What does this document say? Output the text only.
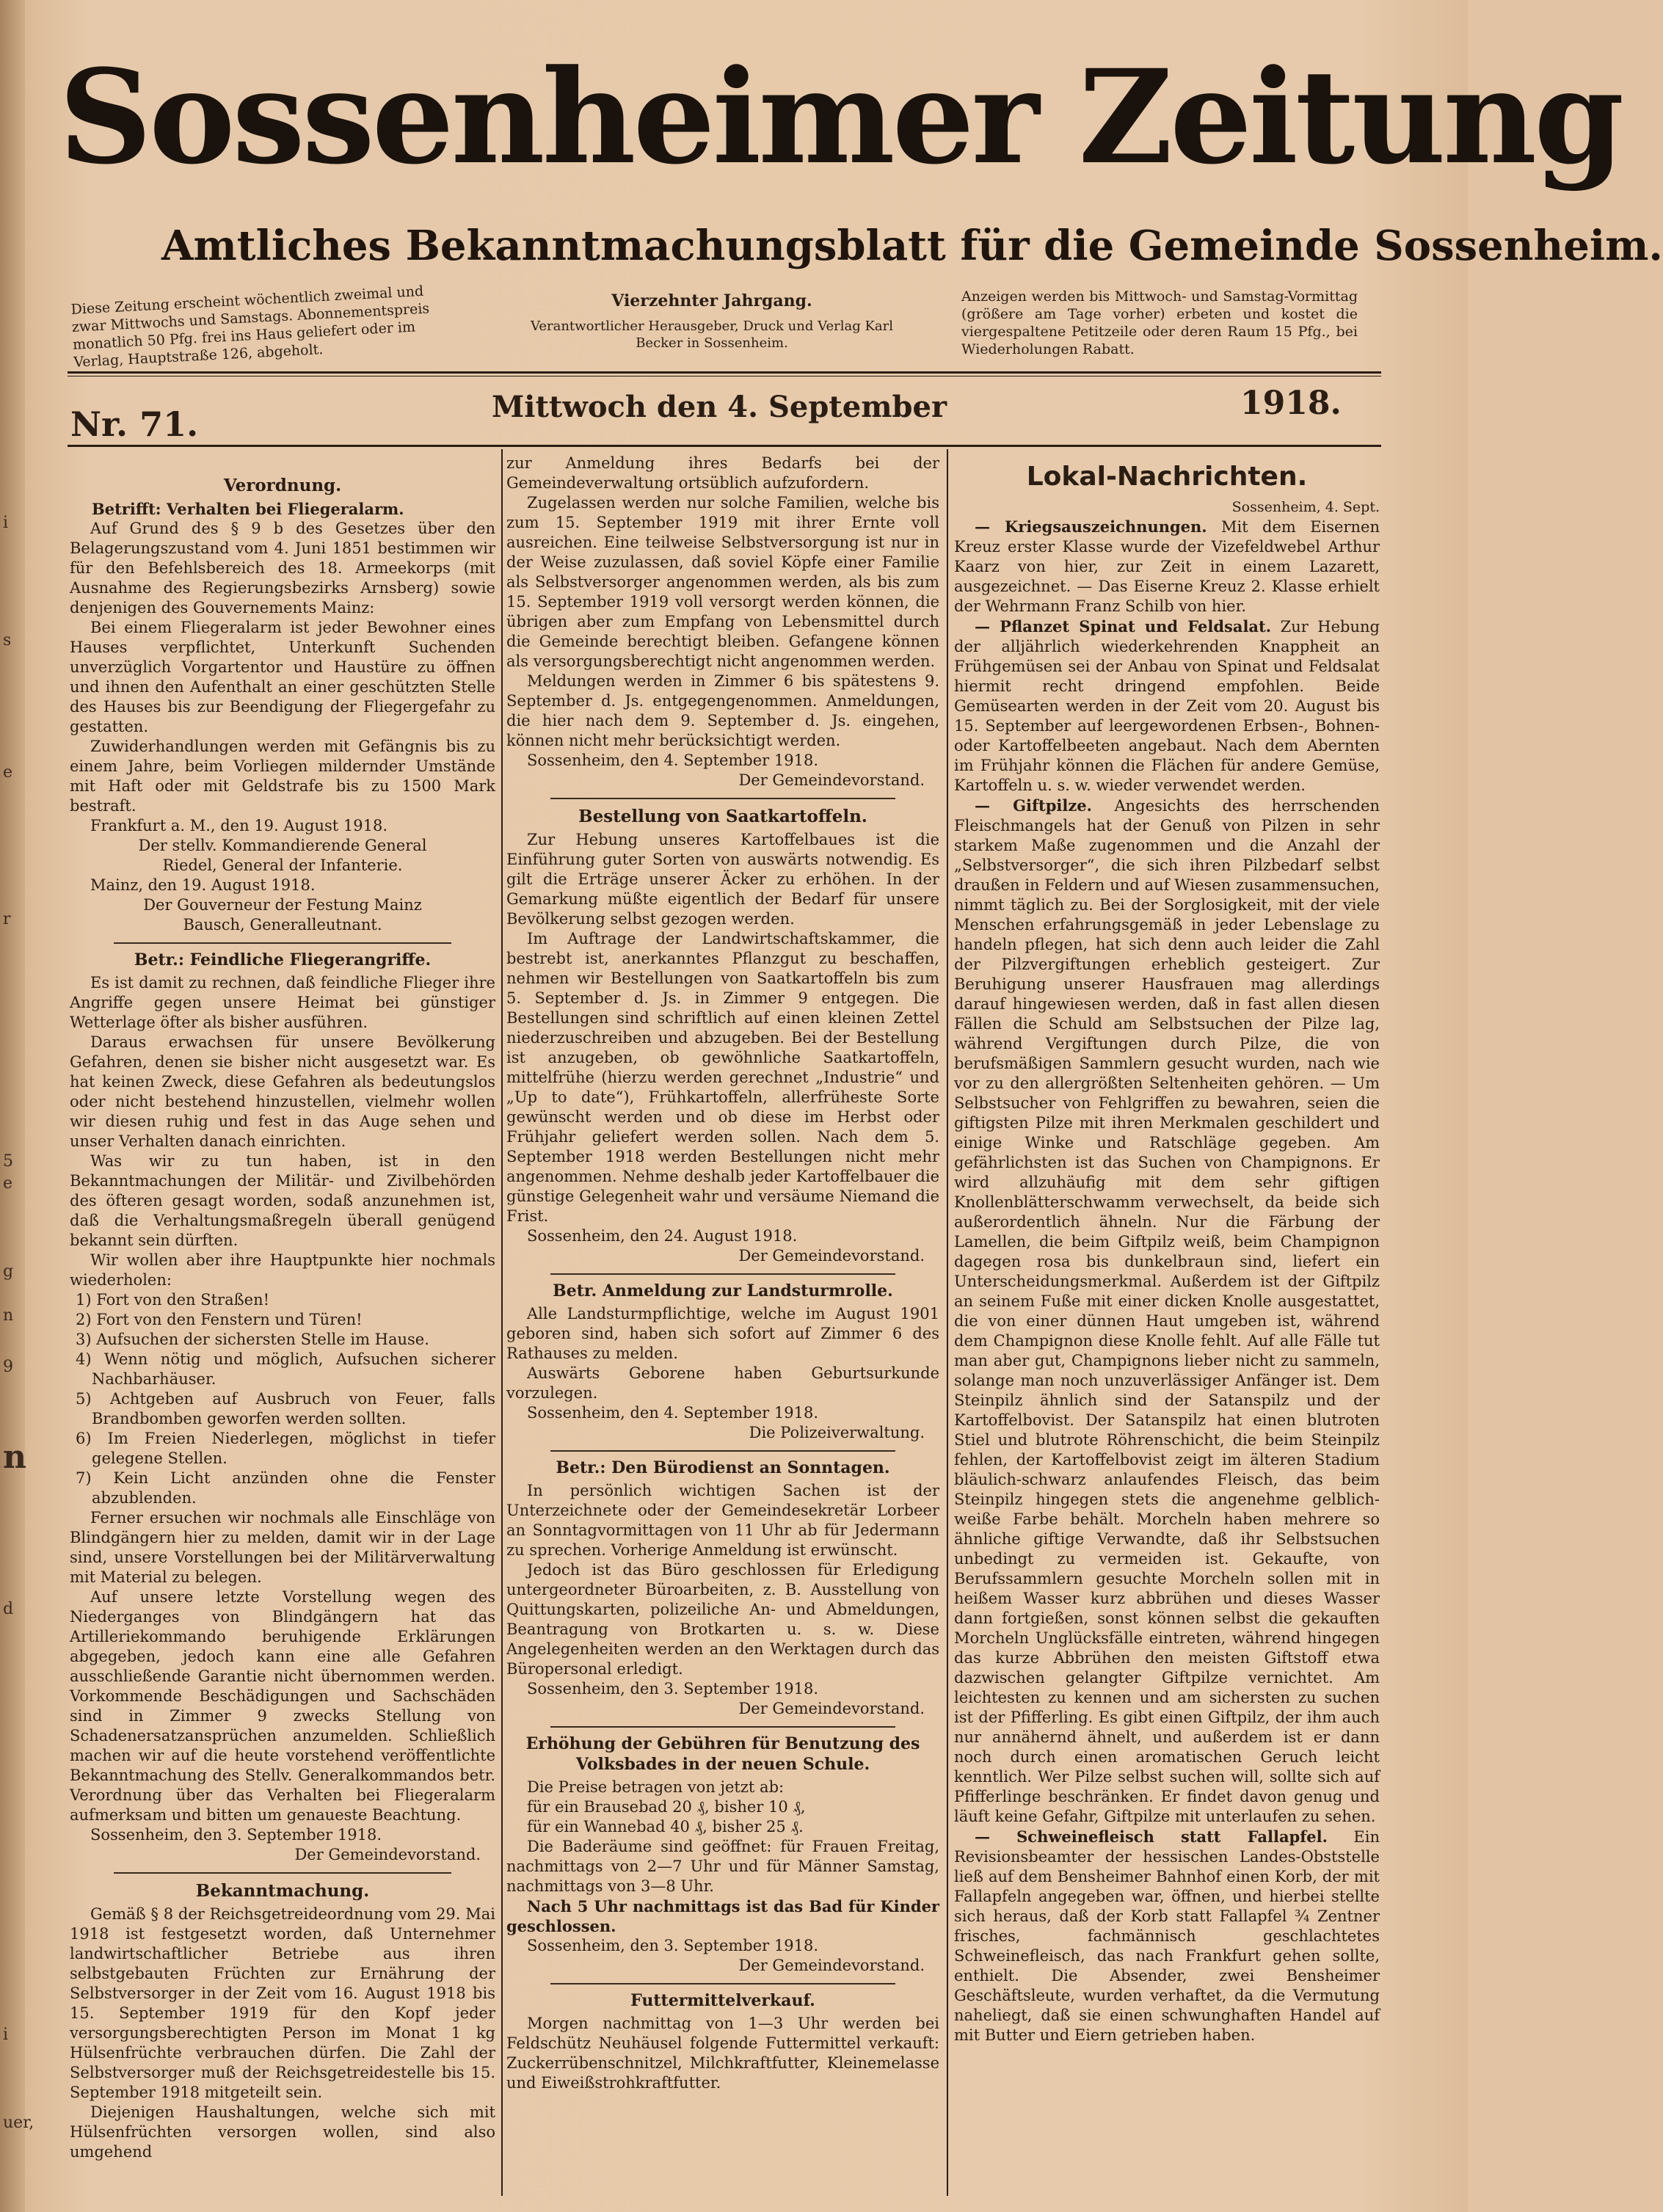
i
s
e
r
5
e
g
n
9
n
d
i
uer,
Sossenheimer Zeitung
Amtliches Bekanntmachungsblatt für die Gemeinde Sossenheim.
Diese Zeitung erscheint wöchentlich zweimal und zwar Mittwochs und Samstags. Abonnementspreis monatlich 50 Pfg. frei ins Haus geliefert oder im Verlag, Hauptstraße 126, abgeholt.
Vierzehnter Jahrgang.
Verantwortlicher Herausgeber, Druck und Verlag Karl Becker in Sossenheim.
Anzeigen werden bis Mittwoch- und Samstag-Vormittag (größere am Tage vorher) erbeten und kostet die viergespaltene Petitzeile oder deren Raum 15 Pfg., bei Wiederholungen Rabatt.
Nr. 71.	Mittwoch den 4. September	1918.
Verordnung.

Betrifft: Verhalten bei Fliegeralarm.

Auf Grund des § 9 b des Gesetzes über den Belagerungszustand vom 4. Juni 1851 bestimmen wir für den Befehlsbereich des 18. Armeekorps (mit Ausnahme des Regierungsbezirks Arnsberg) sowie denjenigen des Gouvernements Mainz:

Bei einem Fliegeralarm ist jeder Bewohner eines Hauses verpflichtet, Unterkunft Suchenden unverzüglich Vorgartentor und Haustüre zu öffnen und ihnen den Aufenthalt an einer geschützten Stelle des Hauses bis zur Beendigung der Fliegergefahr zu gestatten.

Zuwiderhandlungen werden mit Gefängnis bis zu einem Jahre, beim Vorliegen mildernder Umstände mit Haft oder mit Geldstrafe bis zu 1500 Mark bestraft.

Frankfurt a. M., den 19. August 1918.

Der stellv. Kommandierende General
Riedel, General der Infanterie.

Mainz, den 19. August 1918.

Der Gouverneur der Festung Mainz
Bausch, Generalleutnant.
Betr.: Feindliche Fliegerangriffe.

Es ist damit zu rechnen, daß feindliche Flieger ihre Angriffe gegen unsere Heimat bei günstiger Wetterlage öfter als bisher ausführen.

Daraus erwachsen für unsere Bevölkerung Gefahren, denen sie bisher nicht ausgesetzt war. Es hat keinen Zweck, diese Gefahren als bedeutungslos oder nicht bestehend hinzustellen, vielmehr wollen wir diesen ruhig und fest in das Auge sehen und unser Verhalten danach einrichten.

Was wir zu tun haben, ist in den Bekanntmachungen der Militär- und Zivilbehörden des öfteren gesagt worden, sodaß anzunehmen ist, daß die Verhaltungsmaßregeln überall genügend bekannt sein dürften.

Wir wollen aber ihre Hauptpunkte hier nochmals wiederholen:

1) Fort von den Straßen!

2) Fort von den Fenstern und Türen!

3) Aufsuchen der sichersten Stelle im Hause.

4) Wenn nötig und möglich, Aufsuchen sicherer Nachbarhäuser.

5) Achtgeben auf Ausbruch von Feuer, falls Brandbomben geworfen werden sollten.

6) Im Freien Niederlegen, möglichst in tiefer gelegene Stellen.

7) Kein Licht anzünden ohne die Fenster abzublenden.

Ferner ersuchen wir nochmals alle Einschläge von Blindgängern hier zu melden, damit wir in der Lage sind, unsere Vorstellungen bei der Militärverwaltung mit Material zu belegen.

Auf unsere letzte Vorstellung wegen des Niederganges von Blindgängern hat das Artilleriekommando beruhigende Erklärungen abgegeben, jedoch kann eine alle Gefahren ausschließende Garantie nicht übernommen werden. Vorkommende Beschädigungen und Sachschäden sind in Zimmer 9 zwecks Stellung von Schadenersatzansprüchen anzumelden. Schließlich machen wir auf die heute vorstehend veröffentlichte Bekanntmachung des Stellv. Generalkommandos betr. Verordnung über das Verhalten bei Fliegeralarm aufmerksam und bitten um genaueste Beachtung.

Sossenheim, den 3. September 1918.

Der Gemeindevorstand.
Bekanntmachung.

Gemäß § 8 der Reichsgetreideordnung vom 29. Mai 1918 ist festgesetzt worden, daß Unternehmer landwirtschaftlicher Betriebe aus ihren selbstgebauten Früchten zur Ernährung der Selbstversorger in der Zeit vom 16. August 1918 bis 15. September 1919 für den Kopf jeder versorgungsberechtigten Person im Monat 1 kg Hülsenfrüchte verbrauchen dürfen. Die Zahl der Selbstversorger muß der Reichsgetreidestelle bis 15. September 1918 mitgeteilt sein.

Diejenigen Haushaltungen, welche sich mit Hülsenfrüchten versorgen wollen, sind also umgehend

zur Anmeldung ihres Bedarfs bei der Gemeindeverwaltung ortsüblich aufzufordern.

Zugelassen werden nur solche Familien, welche bis zum 15. September 1919 mit ihrer Ernte voll ausreichen. Eine teilweise Selbstversorgung ist nur in der Weise zuzulassen, daß soviel Köpfe einer Familie als Selbstversorger angenommen werden, als bis zum 15. September 1919 voll versorgt werden können, die übrigen aber zum Empfang von Lebensmittel durch die Gemeinde berechtigt bleiben. Gefangene können als versorgungsberechtigt nicht angenommen werden.

Meldungen werden in Zimmer 6 bis spätestens 9. September d. Js. entgegengenommen. Anmeldungen, die hier nach dem 9. September d. Js. eingehen, können nicht mehr berücksichtigt werden.

Sossenheim, den 4. September 1918.

Der Gemeindevorstand.
Bestellung von Saatkartoffeln.

Zur Hebung unseres Kartoffelbaues ist die Einführung guter Sorten von auswärts notwendig. Es gilt die Erträge unserer Äcker zu erhöhen. In der Gemarkung müßte eigentlich der Bedarf für unsere Bevölkerung selbst gezogen werden.

Im Auftrage der Landwirtschaftskammer, die bestrebt ist, anerkanntes Pflanzgut zu beschaffen, nehmen wir Bestellungen von Saatkartoffeln bis zum 5. September d. Js. in Zimmer 9 entgegen. Die Bestellungen sind schriftlich auf einen kleinen Zettel niederzuschreiben und abzugeben. Bei der Bestellung ist anzugeben, ob gewöhnliche Saatkartoffeln, mittelfrühe (hierzu werden gerechnet „Industrie“ und „Up to date“), Frühkartoffeln, allerfrüheste Sorte gewünscht werden und ob diese im Herbst oder Frühjahr geliefert werden sollen. Nach dem 5. September 1918 werden Bestellungen nicht mehr angenommen. Nehme deshalb jeder Kartoffelbauer die günstige Gelegenheit wahr und versäume Niemand die Frist.

Sossenheim, den 24. August 1918.

Der Gemeindevorstand.
Betr. Anmeldung zur Landsturmrolle.

Alle Landsturmpflichtige, welche im August 1901 geboren sind, haben sich sofort auf Zimmer 6 des Rathauses zu melden.

Auswärts Geborene haben Geburtsurkunde vorzulegen.

Sossenheim, den 4. September 1918.

Die Polizeiverwaltung.
Betr.: Den Bürodienst an Sonntagen.

In persönlich wichtigen Sachen ist der Unterzeichnete oder der Gemeindesekretär Lorbeer an Sonntagvormittagen von 11 Uhr ab für Jedermann zu sprechen. Vorherige Anmeldung ist erwünscht.

Jedoch ist das Büro geschlossen für Erledigung untergeordneter Büroarbeiten, z. B. Ausstellung von Quittungskarten, polizeiliche An- und Abmeldungen, Beantragung von Brotkarten u. s. w. Diese Angelegenheiten werden an den Werktagen durch das Büropersonal erledigt.

Sossenheim, den 3. September 1918.

Der Gemeindevorstand.
Erhöhung der Gebühren für Benutzung des Volksbades in der neuen Schule.

Die Preise betragen von jetzt ab:

für ein Brausebad 20 ₰, bisher 10 ₰,

für ein Wannebad 40 ₰, bisher 25 ₰.

Die Baderäume sind geöffnet: für Frauen Freitag, nachmittags von 2—7 Uhr und für Männer Samstag, nachmittags von 3—8 Uhr.

Nach 5 Uhr nachmittags ist das Bad für Kinder geschlossen.

Sossenheim, den 3. September 1918.

Der Gemeindevorstand.
Futtermittelverkauf.

Morgen nachmittag von 1—3 Uhr werden bei Feldschütz Neuhäusel folgende Futtermittel verkauft: Zuckerrübenschnitzel, Milchkraftfutter, Kleinemelasse und Eiweißstrohkraftfutter.

Lokal-Nachrichten.
Sossenheim, 4. Sept.

— Kriegsauszeichnungen. Mit dem Eisernen Kreuz erster Klasse wurde der Vizefeldwebel Arthur Kaarz von hier, zur Zeit in einem Lazarett, ausgezeichnet. — Das Eiserne Kreuz 2. Klasse erhielt der Wehrmann Franz Schilb von hier.

— Pflanzet Spinat und Feldsalat. Zur Hebung der alljährlich wiederkehrenden Knappheit an Frühgemüsen sei der Anbau von Spinat und Feldsalat hiermit recht dringend empfohlen. Beide Gemüsearten werden in der Zeit vom 20. August bis 15. September auf leergewordenen Erbsen-, Bohnen- oder Kartoffelbeeten angebaut. Nach dem Abernten im Frühjahr können die Flächen für andere Gemüse, Kartoffeln u. s. w. wieder verwendet werden.

— Giftpilze. Angesichts des herrschenden Fleischmangels hat der Genuß von Pilzen in sehr starkem Maße zugenommen und die Anzahl der „Selbstversorger“, die sich ihren Pilzbedarf selbst draußen in Feldern und auf Wiesen zusammensuchen, nimmt täglich zu. Bei der Sorglosigkeit, mit der viele Menschen erfahrungsgemäß in jeder Lebenslage zu handeln pflegen, hat sich denn auch leider die Zahl der Pilzvergiftungen erheblich gesteigert. Zur Beruhigung unserer Hausfrauen mag allerdings darauf hingewiesen werden, daß in fast allen diesen Fällen die Schuld am Selbstsuchen der Pilze lag, während Vergiftungen durch Pilze, die von berufsmäßigen Sammlern gesucht wurden, nach wie vor zu den allergrößten Seltenheiten gehören. — Um Selbstsucher von Fehlgriffen zu bewahren, seien die giftigsten Pilze mit ihren Merkmalen geschildert und einige Winke und Ratschläge gegeben. Am gefährlichsten ist das Suchen von Champignons. Er wird allzuhäufig mit dem sehr giftigen Knollenblätterschwamm verwechselt, da beide sich außerordentlich ähneln. Nur die Färbung der Lamellen, die beim Giftpilz weiß, beim Champignon dagegen rosa bis dunkelbraun sind, liefert ein Unterscheidungsmerkmal. Außerdem ist der Giftpilz an seinem Fuße mit einer dicken Knolle ausgestattet, die von einer dünnen Haut umgeben ist, während dem Champignon diese Knolle fehlt. Auf alle Fälle tut man aber gut, Champignons lieber nicht zu sammeln, solange man noch unzuverlässiger Anfänger ist. Dem Steinpilz ähnlich sind der Satanspilz und der Kartoffelbovist. Der Satanspilz hat einen blutroten Stiel und blutrote Röhrenschicht, die beim Steinpilz fehlen, der Kartoffelbovist zeigt im älteren Stadium bläulich-schwarz anlaufendes Fleisch, das beim Steinpilz hingegen stets die angenehme gelblich-weiße Farbe behält. Morcheln haben mehrere so ähnliche giftige Verwandte, daß ihr Selbstsuchen unbedingt zu vermeiden ist. Gekaufte, von Berufssammlern gesuchte Morcheln sollen mit in heißem Wasser kurz abbrühen und dieses Wasser dann fortgießen, sonst können selbst die gekauften Morcheln Unglücksfälle eintreten, während hingegen das kurze Abbrühen den meisten Giftstoff etwa dazwischen gelangter Giftpilze vernichtet. Am leichtesten zu kennen und am sichersten zu suchen ist der Pfifferling. Es gibt einen Giftpilz, der ihm auch nur annähernd ähnelt, und außerdem ist er dann noch durch einen aromatischen Geruch leicht kenntlich. Wer Pilze selbst suchen will, sollte sich auf Pfifferlinge beschränken. Er findet davon genug und läuft keine Gefahr, Giftpilze mit unterlaufen zu sehen.

— Schweinefleisch statt Fallapfel. Ein Revisionsbeamter der hessischen Landes-Obststelle ließ auf dem Bensheimer Bahnhof einen Korb, der mit Fallapfeln angegeben war, öffnen, und hierbei stellte sich heraus, daß der Korb statt Fallapfel ¾ Zentner frisches, fachmännisch geschlachtetes Schweinefleisch, das nach Frankfurt gehen sollte, enthielt. Die Absender, zwei Bensheimer Geschäftsleute, wurden verhaftet, da die Vermutung naheliegt, daß sie einen schwunghaften Handel auf mit Butter und Eiern getrieben haben.
